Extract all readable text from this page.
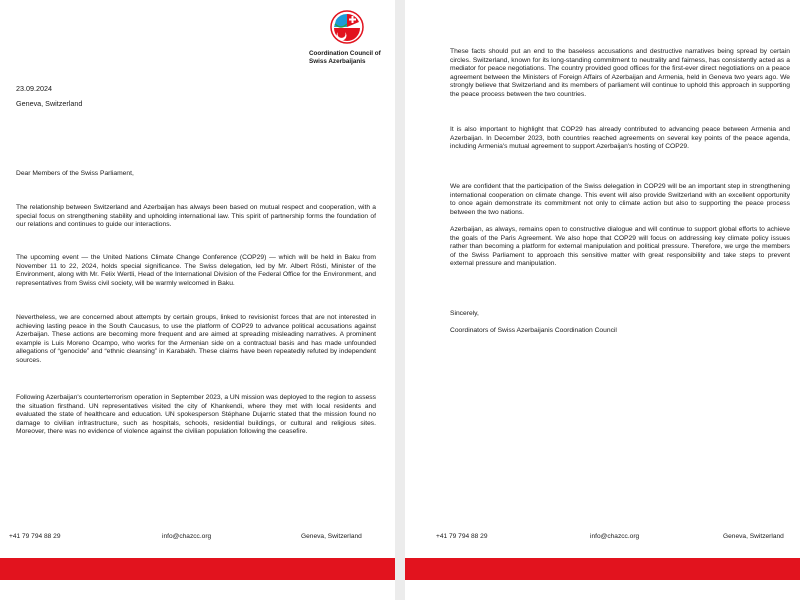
Coordination Council of
Swiss Azerbaijanis
23.09.2024
Geneva, Switzerland

Dear Members of the Swiss Parliament,

The relationship between Switzerland and Azerbaijan has always been based on mutual respect and cooperation, with a special focus on strengthening stability and upholding international law. This spirit of partnership forms the foundation of our relations and continues to guide our interactions.

The upcoming event — the United Nations Climate Change Conference (COP29) — which will be held in Baku from November 11 to 22, 2024, holds special significance. The Swiss delegation, led by Mr. Albert Rösti, Minister of the Environment, along with Mr. Felix Wertli, Head of the International Division of the Federal Office for the Environment, and representatives from Swiss civil society, will be warmly welcomed in Baku.

Nevertheless, we are concerned about attempts by certain groups, linked to revisionist forces that are not interested in achieving lasting peace in the South Caucasus, to use the platform of COP29 to advance political accusations against Azerbaijan. These actions are becoming more frequent and are aimed at spreading misleading narratives. A prominent example is Luis Moreno Ocampo, who works for the Armenian side on a contractual basis and has made unfounded allegations of “genocide” and “ethnic cleansing” in Karabakh. These claims have been repeatedly refuted by independent sources.

Following Azerbaijan's counterterrorism operation in September 2023, a UN mission was deployed to the region to assess the situation firsthand. UN representatives visited the city of Khankendi, where they met with local residents and evaluated the state of healthcare and education. UN spokesperson Stéphane Dujarric stated that the mission found no damage to civilian infrastructure, such as hospitals, schools, residential buildings, or cultural and religious sites. Moreover, there was no evidence of violence against the civilian population following the ceasefire.

+41 79 794 88 29	info@chazcc.org	Geneva, Switzerland

These facts should put an end to the baseless accusations and destructive narratives being spread by certain circles. Switzerland, known for its long-standing commitment to neutrality and fairness, has consistently acted as a mediator for peace negotiations. The country provided good offices for the first-ever direct negotiations on a peace agreement between the Ministers of Foreign Affairs of Azerbaijan and Armenia, held in Geneva two years ago. We strongly believe that Switzerland and its members of parliament will continue to uphold this approach in supporting the peace process between the two countries.

It is also important to highlight that COP29 has already contributed to advancing peace between Armenia and Azerbaijan. In December 2023, both countries reached agreements on several key points of the peace agenda, including Armenia's mutual agreement to support Azerbaijan's hosting of COP29.

We are confident that the participation of the Swiss delegation in COP29 will be an important step in strengthening international cooperation on climate change. This event will also provide Switzerland with an excellent opportunity to once again demonstrate its commitment not only to climate action but also to supporting the peace process between the two nations.

Azerbaijan, as always, remains open to constructive dialogue and will continue to support global efforts to achieve the goals of the Paris Agreement. We also hope that COP29 will focus on addressing key climate policy issues rather than becoming a platform for external manipulation and political pressure. Therefore, we urge the members of the Swiss Parliament to approach this sensitive matter with great responsibility and take steps to prevent external pressure and manipulation.

Sincerely,

Coordinators of Swiss Azerbaijanis Coordination Council

+41 79 794 88 29	info@chazcc.org	Geneva, Switzerland
